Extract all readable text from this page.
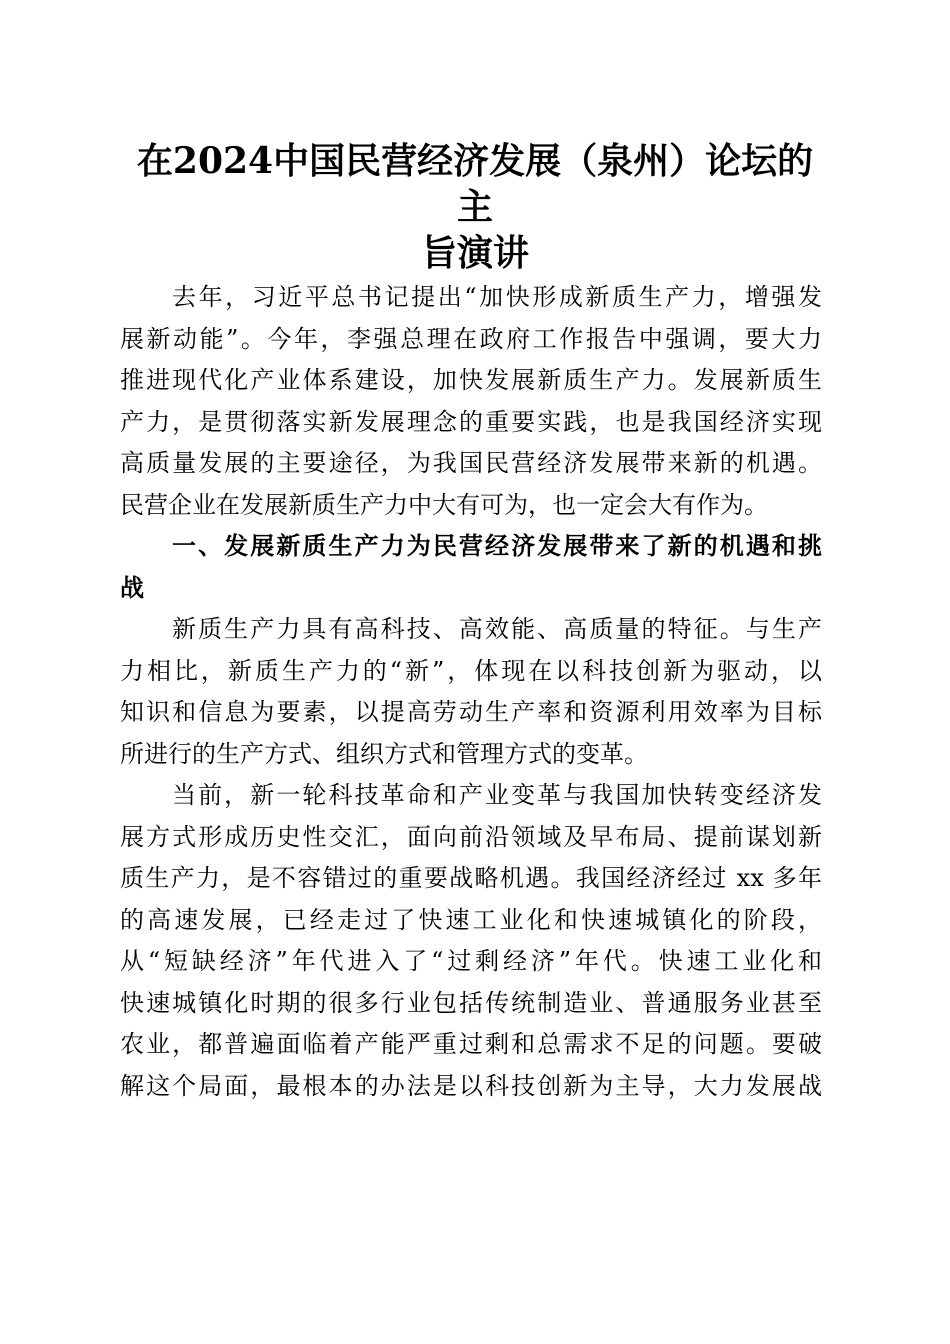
在2024中国民营经济发展（泉州）论坛的主
旨演讲
去年，习近平总书记提出“加快形成新质生产力，增强发
展新动能”。今年，李强总理在政府工作报告中强调，要大力
推进现代化产业体系建设，加快发展新质生产力。发展新质生
产力，是贯彻落实新发展理念的重要实践，也是我国经济实现
高质量发展的主要途径，为我国民营经济发展带来新的机遇。
民营企业在发展新质生产力中大有可为，也一定会大有作为。
一、发展新质生产力为民营经济发展带来了新的机遇和挑
战
新质生产力具有高科技、高效能、高质量的特征。与生产
力相比，新质生产力的“新”，体现在以科技创新为驱动，以
知识和信息为要素，以提高劳动生产率和资源利用效率为目标
所进行的生产方式、组织方式和管理方式的变革。
当前，新一轮科技革命和产业变革与我国加快转变经济发
展方式形成历史性交汇，面向前沿领域及早布局、提前谋划新
质生产力，是不容错过的重要战略机遇。我国经济经过 xx 多年
的高速发展，已经走过了快速工业化和快速城镇化的阶段，
从“短缺经济”年代进入了“过剩经济”年代。快速工业化和
快速城镇化时期的很多行业包括传统制造业、普通服务业甚至
农业，都普遍面临着产能严重过剩和总需求不足的问题。要破
解这个局面，最根本的办法是以科技创新为主导，大力发展战
